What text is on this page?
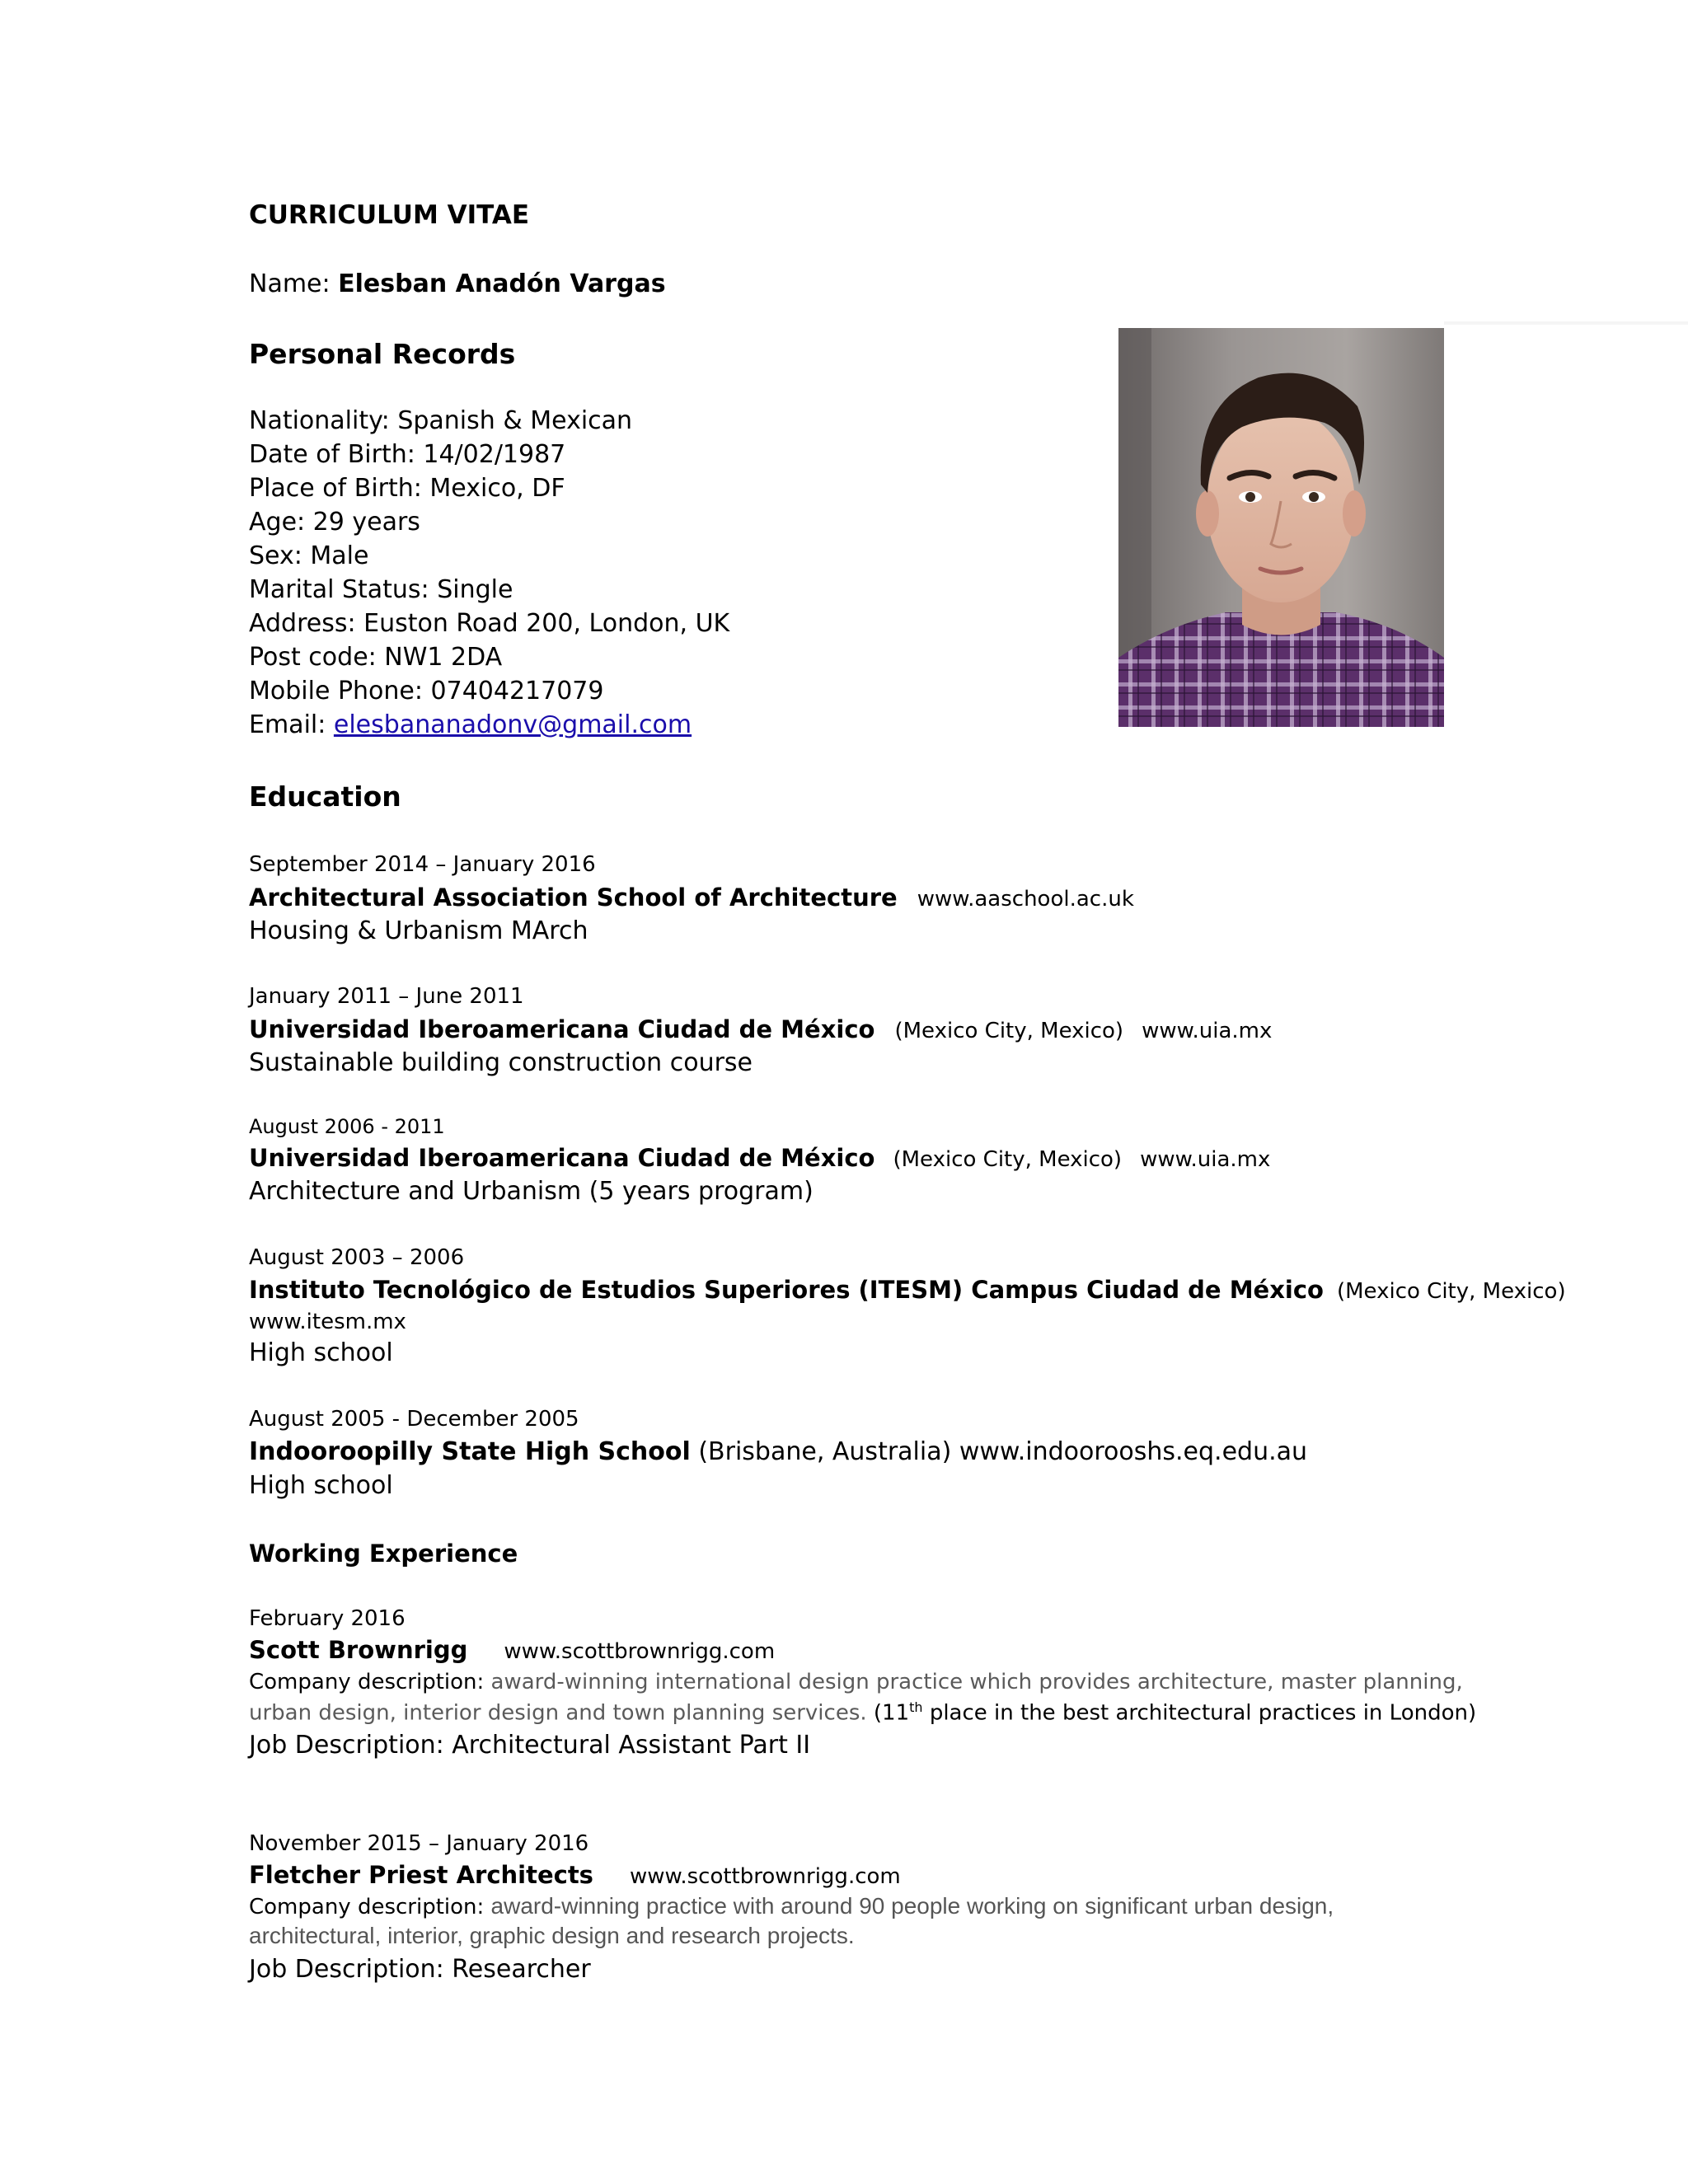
CURRICULUM VITAE
Name: Elesban Anadón Vargas
Personal Records
Nationality: Spanish & Mexican
Date of Birth: 14/02/1987
Place of Birth: Mexico, DF
Age: 29 years
Sex: Male
Marital Status: Single
Address: Euston Road 200, London, UK
Post code: NW1 2DA
Mobile Phone: 07404217079
Email: elesbananadonv@gmail.com
Education
September 2014 – January 2016
Architectural Association School of Architecture www.aaschool.ac.uk
Housing & Urbanism MArch
January 2011 – June 2011
Universidad Iberoamericana Ciudad de México (Mexico City, Mexico) www.uia.mx
Sustainable building construction course
August 2006 - 2011
Universidad Iberoamericana Ciudad de México (Mexico City, Mexico) www.uia.mx
Architecture and Urbanism (5 years program)
August 2003 – 2006
Instituto Tecnológico de Estudios Superiores (ITESM) Campus Ciudad de México (Mexico City, Mexico)
www.itesm.mx
High school
August 2005 - December 2005
Indooroopilly State High School (Brisbane, Australia) www.indoorooshs.eq.edu.au
High school
Working Experience
February 2016
Scott Brownrigg www.scottbrownrigg.com
Company description: award-winning international design practice which provides architecture, master planning,
urban design, interior design and town planning services. (11th place in the best architectural practices in London)
Job Description: Architectural Assistant Part II
November 2015 – January 2016
Fletcher Priest Architects www.scottbrownrigg.com
Company description: award-winning practice with around 90 people working on significant urban design,
architectural, interior, graphic design and research projects.
Job Description: Researcher
